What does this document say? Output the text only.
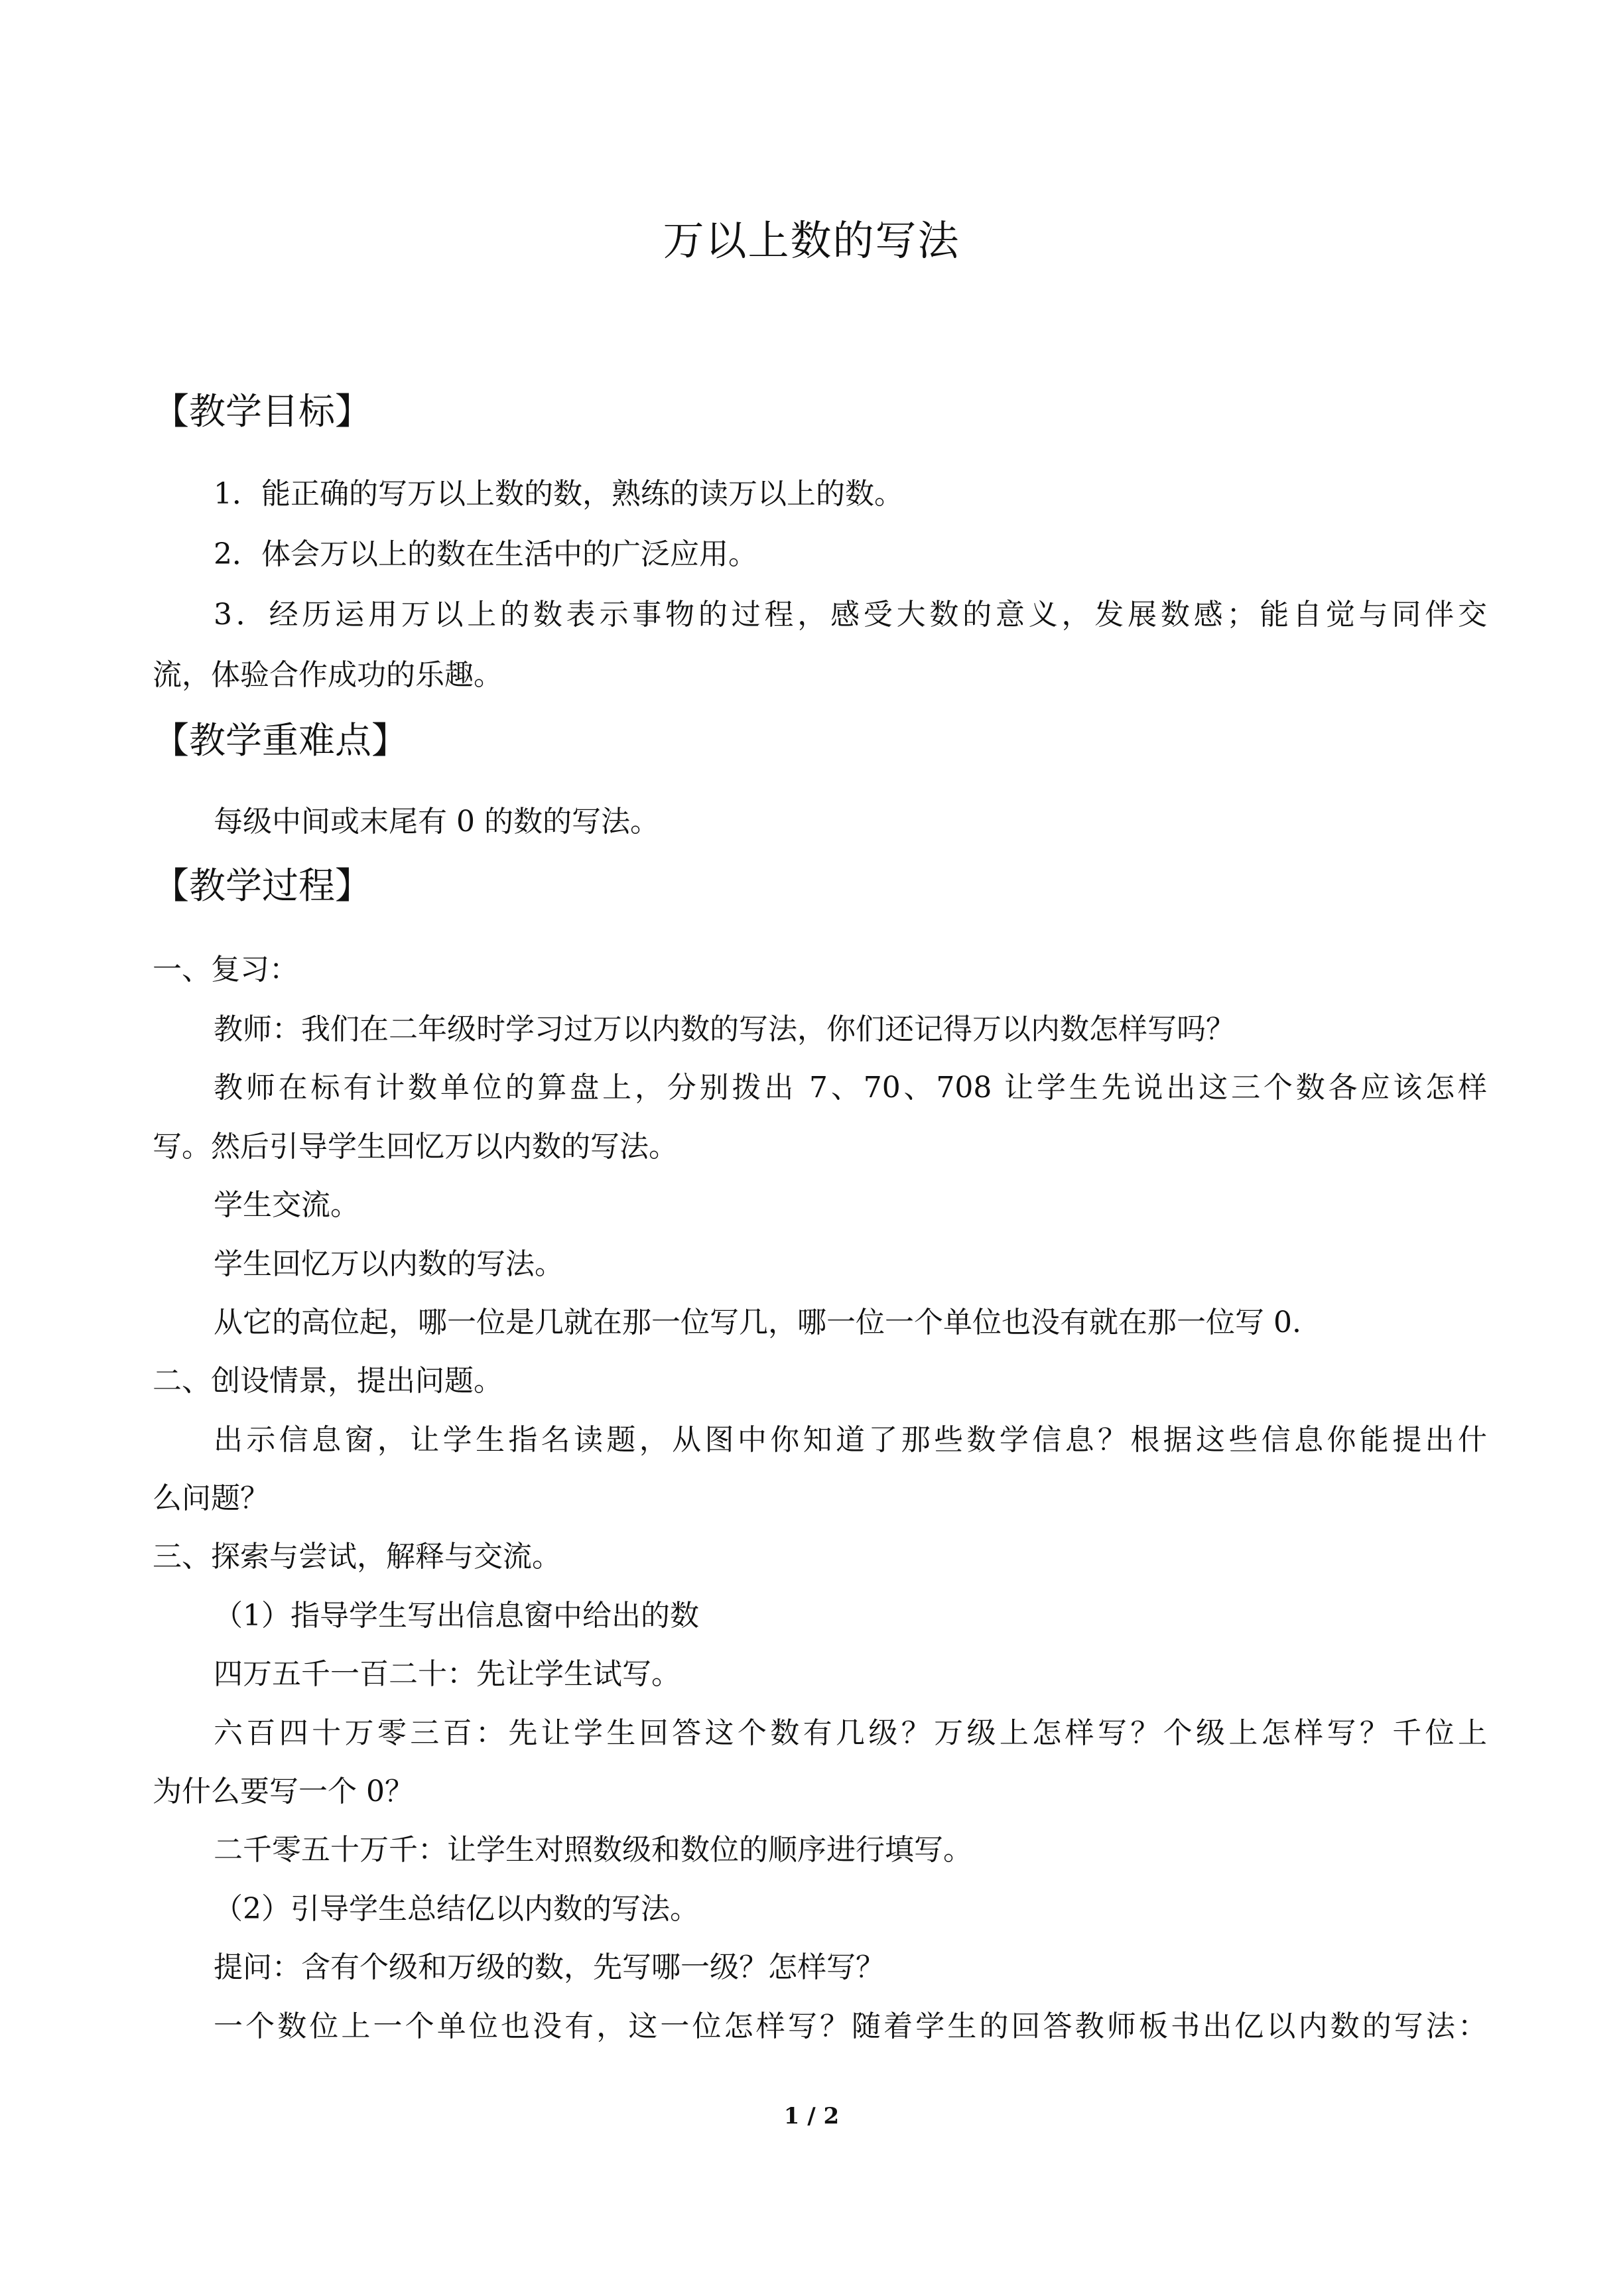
万以上数的写法
【教学目标】
1．能正确的写万以上数的数，熟练的读万以上的数。
2．体会万以上的数在生活中的广泛应用。
3．经历运用万以上的数表示事物的过程，感受大数的意义，发展数感；能自觉与同伴交
流，体验合作成功的乐趣。
【教学重难点】
每级中间或末尾有 0 的数的写法。
【教学过程】
一、复习：
教师：我们在二年级时学习过万以内数的写法，你们还记得万以内数怎样写吗？
教师在标有计数单位的算盘上，分别拨出 7、70、708 让学生先说出这三个数各应该怎样
写。然后引导学生回忆万以内数的写法。
学生交流。
学生回忆万以内数的写法。
从它的高位起，哪一位是几就在那一位写几，哪一位一个单位也没有就在那一位写 0.
二、创设情景，提出问题。
出示信息窗，让学生指名读题，从图中你知道了那些数学信息？根据这些信息你能提出什
么问题？
三、探索与尝试，解释与交流。
（1）指导学生写出信息窗中给出的数
四万五千一百二十：先让学生试写。
六百四十万零三百：先让学生回答这个数有几级？万级上怎样写？个级上怎样写？千位上
为什么要写一个 0？
二千零五十万千：让学生对照数级和数位的顺序进行填写。
（2）引导学生总结亿以内数的写法。
提问：含有个级和万级的数，先写哪一级？怎样写？
一个数位上一个单位也没有，这一位怎样写？随着学生的回答教师板书出亿以内数的写法：
1 / 2
